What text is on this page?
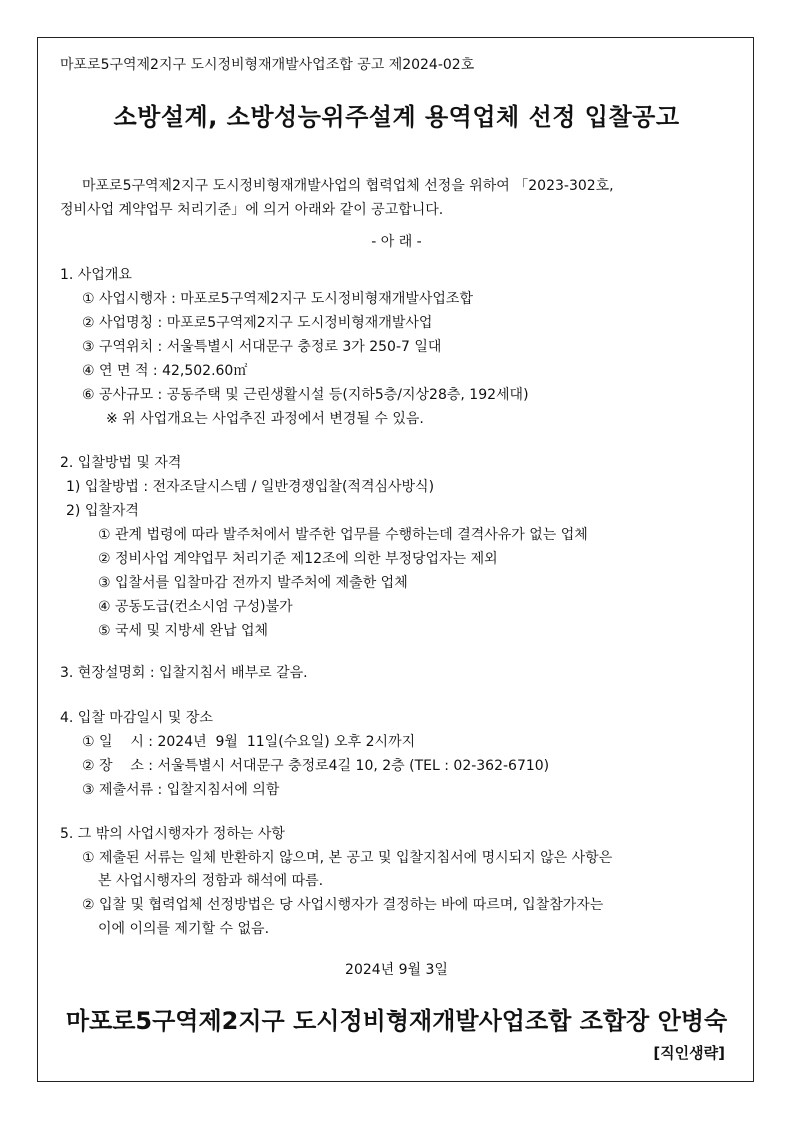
마포로5구역제2지구 도시정비형재개발사업조합 공고 제2024-02호
소방설계, 소방성능위주설계 용역업체 선정 입찰공고
마포로5구역제2지구 도시정비형재개발사업의 협력업체 선정을 위하여 「2023-302호,
정비사업 계약업무 처리기준」에 의거 아래와 같이 공고합니다.
- 아 래 -
1. 사업개요
① 사업시행자 : 마포로5구역제2지구 도시정비형재개발사업조합
② 사업명칭 : 마포로5구역제2지구 도시정비형재개발사업
③ 구역위치 : 서울특별시 서대문구 충정로 3가 250-7 일대
④ 연 면 적 : 42,502.60㎡
⑥ 공사규모 : 공동주택 및 근린생활시설 등(지하5층/지상28층, 192세대)
※ 위 사업개요는 사업추진 과정에서 변경될 수 있음.
2. 입찰방법 및 자격
1) 입찰방법 : 전자조달시스템 / 일반경쟁입찰(적격심사방식)
2) 입찰자격
① 관계 법령에 따라 발주처에서 발주한 업무를 수행하는데 결격사유가 없는 업체
② 정비사업 계약업무 처리기준 제12조에 의한 부정당업자는 제외
③ 입찰서를 입찰마감 전까지 발주처에 제출한 업체
④ 공동도급(컨소시엄 구성)불가
⑤ 국세 및 지방세 완납 업체
3. 현장설명회 : 입찰지침서 배부로 갈음.
4. 입찰 마감일시 및 장소
① 일    시 : 2024년  9월  11일(수요일) 오후 2시까지
② 장    소 : 서울특별시 서대문구 충정로4길 10, 2층 (TEL : 02-362-6710)
③ 제출서류 : 입찰지침서에 의함
5. 그 밖의 사업시행자가 정하는 사항
① 제출된 서류는 일체 반환하지 않으며, 본 공고 및 입찰지침서에 명시되지 않은 사항은
본 사업시행자의 정함과 해석에 따름.
② 입찰 및 협력업체 선정방법은 당 사업시행자가 결정하는 바에 따르며, 입찰참가자는
이에 이의를 제기할 수 없음.
2024년 9월 3일
마포로5구역제2지구 도시정비형재개발사업조합 조합장 안병숙
[직인생략]
